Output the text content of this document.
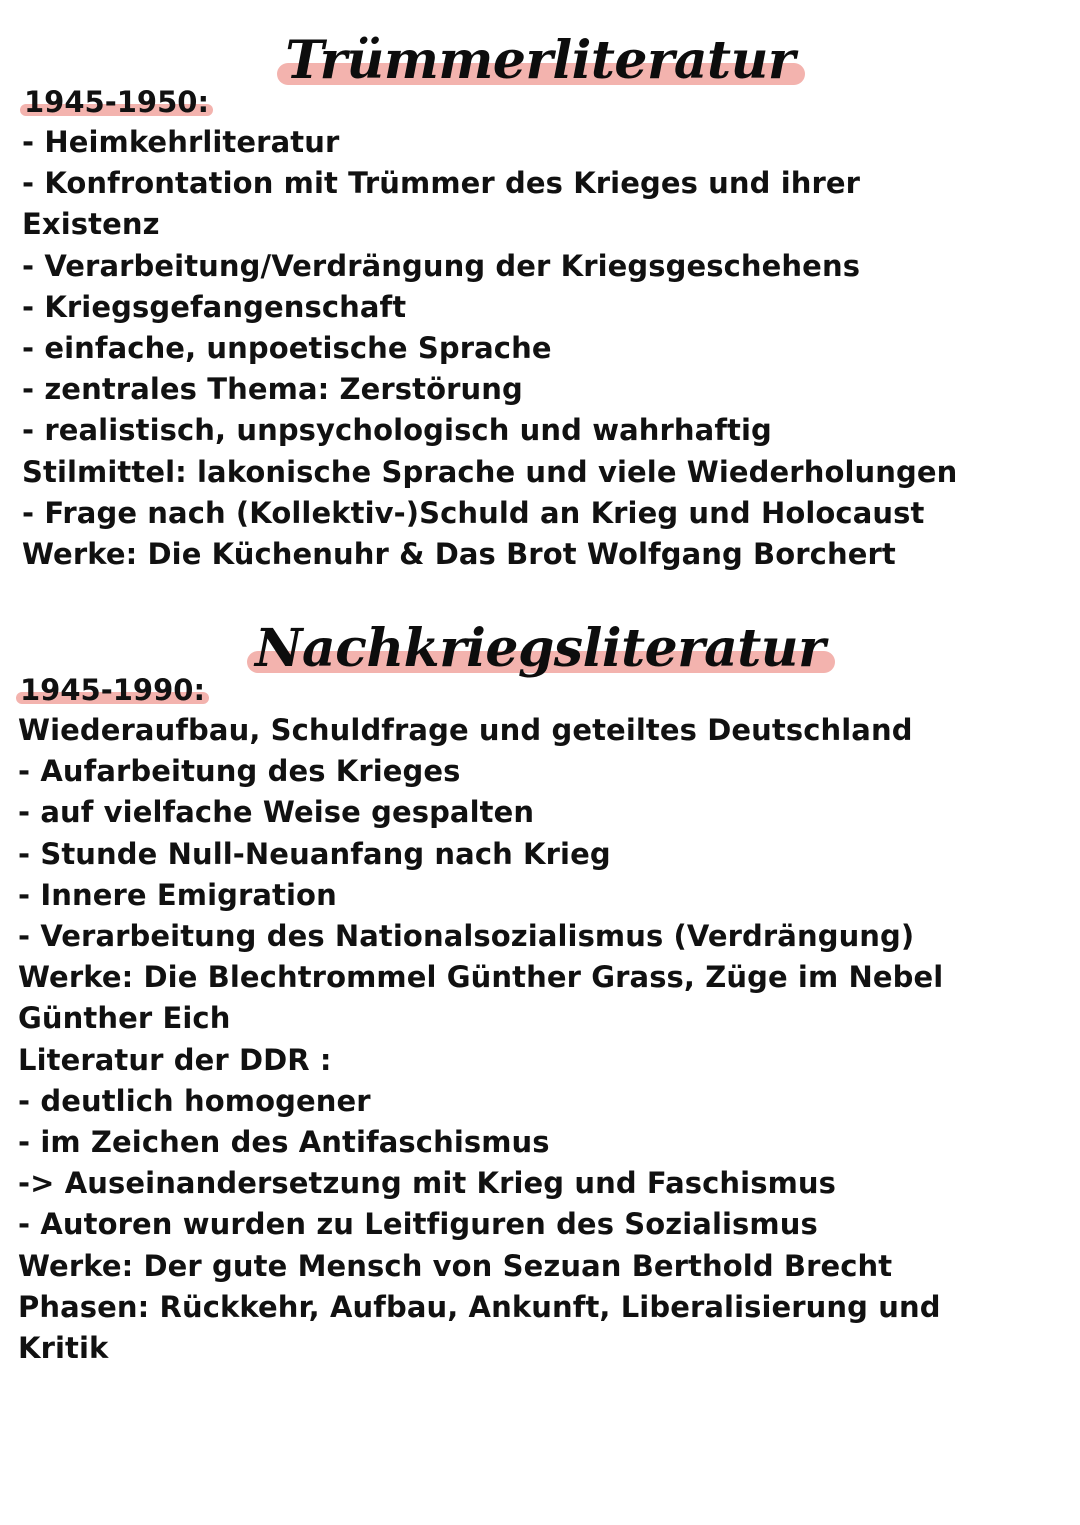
Trümmerliteratur
1945-1950:
- Heimkehrliteratur
- Konfrontation mit Trümmer des Krieges und ihrer
Existenz
- Verarbeitung/Verdrängung der Kriegsgeschehens
- Kriegsgefangenschaft
- einfache, unpoetische Sprache
- zentrales Thema: Zerstörung
- realistisch, unpsychologisch und wahrhaftig
Stilmittel: lakonische Sprache und viele Wiederholungen
- Frage nach (Kollektiv-)Schuld an Krieg und Holocaust
Werke: Die Küchenuhr & Das Brot Wolfgang Borchert
Nachkriegsliteratur
1945-1990:
Wiederaufbau, Schuldfrage und geteiltes Deutschland
- Aufarbeitung des Krieges
- auf vielfache Weise gespalten
- Stunde Null-Neuanfang nach Krieg
- Innere Emigration
- Verarbeitung des Nationalsozialismus (Verdrängung)
Werke: Die Blechtrommel Günther Grass, Züge im Nebel
Günther Eich
Literatur der DDR :
- deutlich homogener
- im Zeichen des Antifaschismus
-> Auseinandersetzung mit Krieg und Faschismus
- Autoren wurden zu Leitfiguren des Sozialismus
Werke: Der gute Mensch von Sezuan Berthold Brecht
Phasen: Rückkehr, Aufbau, Ankunft, Liberalisierung und
Kritik
